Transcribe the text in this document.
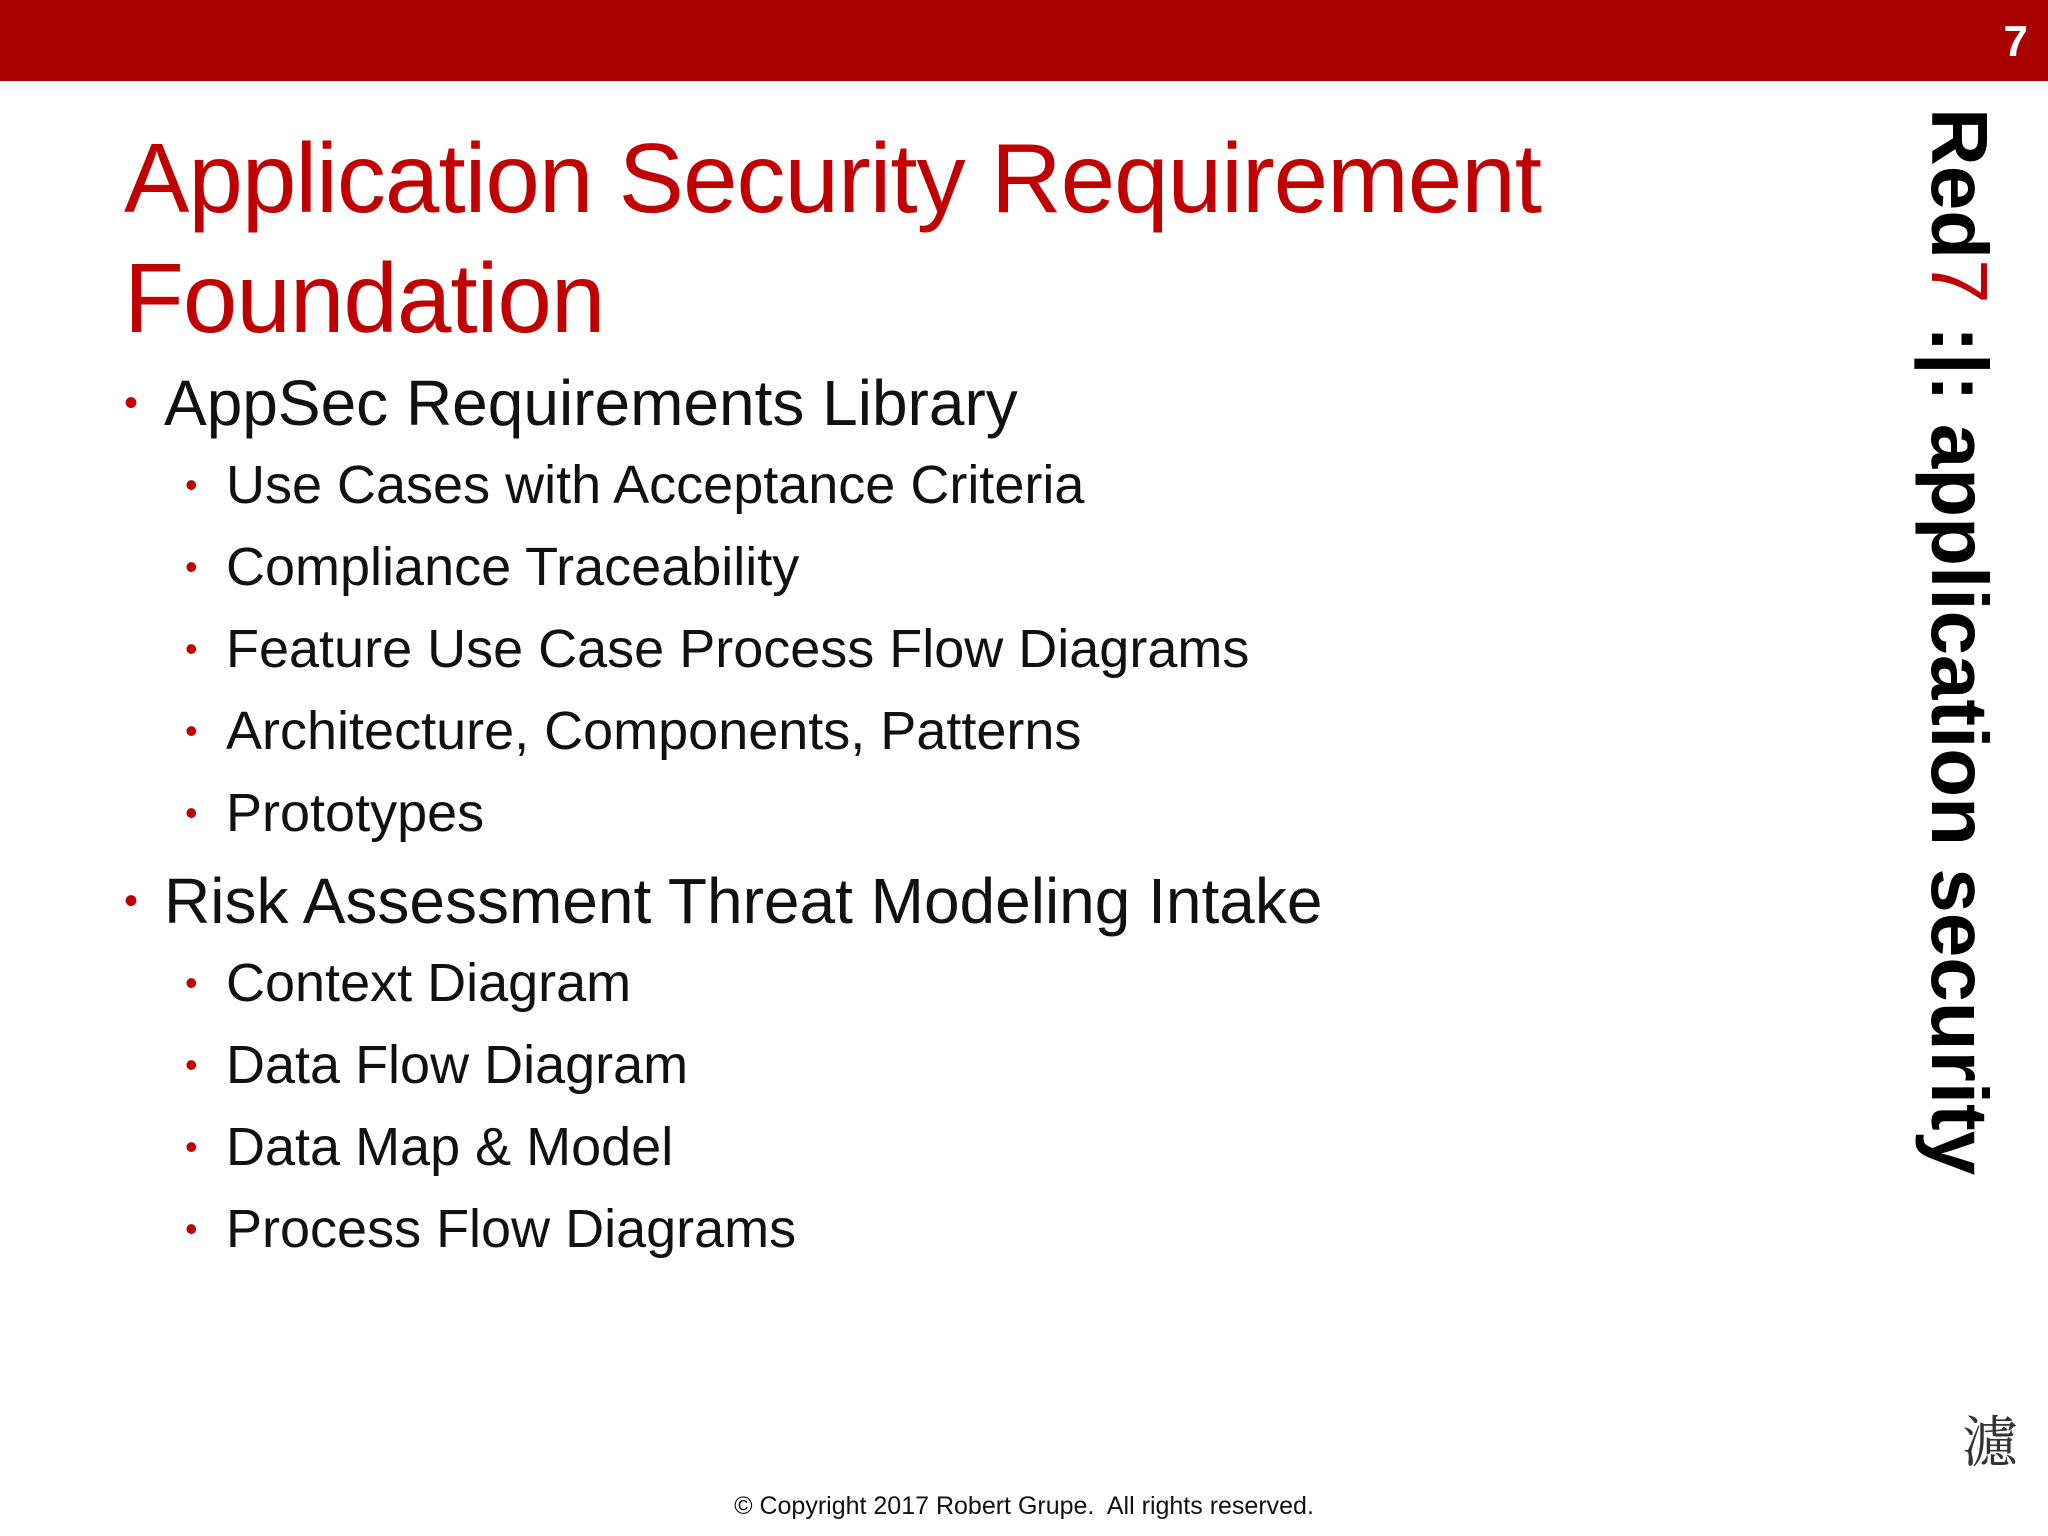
7
Application Security Requirement
Foundation
• AppSec Requirements Library
• Use Cases with Acceptance Criteria
• Compliance Traceability
• Feature Use Case Process Flow Diagrams
• Architecture, Components, Patterns
• Prototypes
• Risk Assessment Threat Modeling Intake
• Context Diagram
• Data Flow Diagram
• Data Map & Model
• Process Flow Diagrams
Red7 :|: application security
濾
© Copyright 2017 Robert Grupe.  All rights reserved.
